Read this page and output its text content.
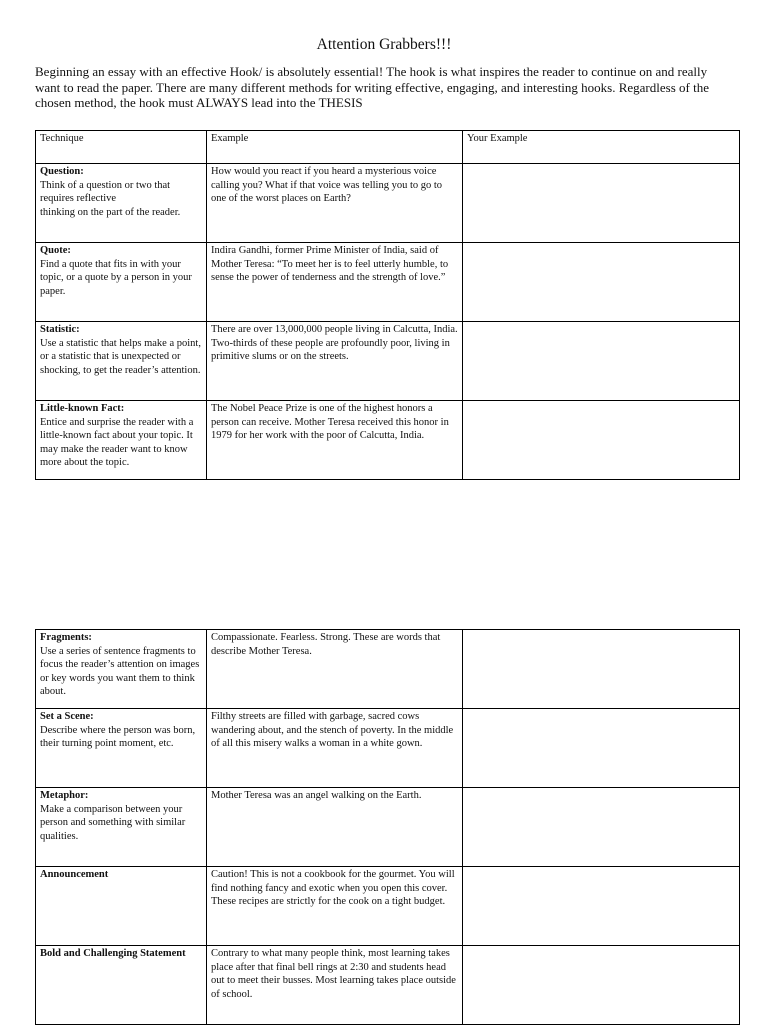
Attention Grabbers!!!
Beginning an essay with an effective Hook/ is absolutely essential! The hook is what inspires the reader to continue on and really want to read the paper. There are many different methods for writing effective, engaging, and interesting hooks. Regardless of the chosen method, the hook must ALWAYS lead into the THESIS
Technique	Example	Your Example

Question:
Think of a question or two that
requires reflective
thinking on the part of the reader.	How would you react if you heard a mysterious voice calling you? What if that voice was telling you to go to one of the worst places on Earth?	

Quote:
Find a quote that fits in with your topic, or a quote by a person in your paper.	Indira Gandhi, former Prime Minister of India, said of Mother Teresa: “To meet her is to feel utterly humble, to sense the power of tenderness and the strength of love.”	

Statistic:
Use a statistic that helps make a point, or a statistic that is unexpected or shocking, to get the reader’s attention.	There are over 13,000,000 people living in Calcutta, India. Two-thirds of these people are profoundly poor, living in primitive slums or on the streets.	

Little-known Fact:
Entice and surprise the reader with a little-known fact about your topic. It may make the reader want to know more about the topic.	The Nobel Peace Prize is one of the highest honors a person can receive. Mother Teresa received this honor in 1979 for her work with the poor of Calcutta, India.	
Fragments:
Use a series of sentence fragments to focus the reader’s attention on images or key words you want them to think about.	Compassionate. Fearless. Strong. These are words that describe Mother Teresa.	

Set a Scene:
Describe where the person was born, their turning point moment, etc.	Filthy streets are filled with garbage, sacred cows wandering about, and the stench of poverty. In the middle of all this misery walks a woman in a white gown.	

Metaphor:
Make a comparison between your person and something with similar qualities.	Mother Teresa was an angel walking on the Earth.	

Announcement	Caution! This is not a cookbook for the gourmet. You will find nothing fancy and exotic when you open this cover. These recipes are strictly for the cook on a tight budget.	

Bold and Challenging Statement	Contrary to what many people think, most learning takes place after that final bell rings at 2:30 and students head out to meet their busses. Most learning takes place outside of school.	
